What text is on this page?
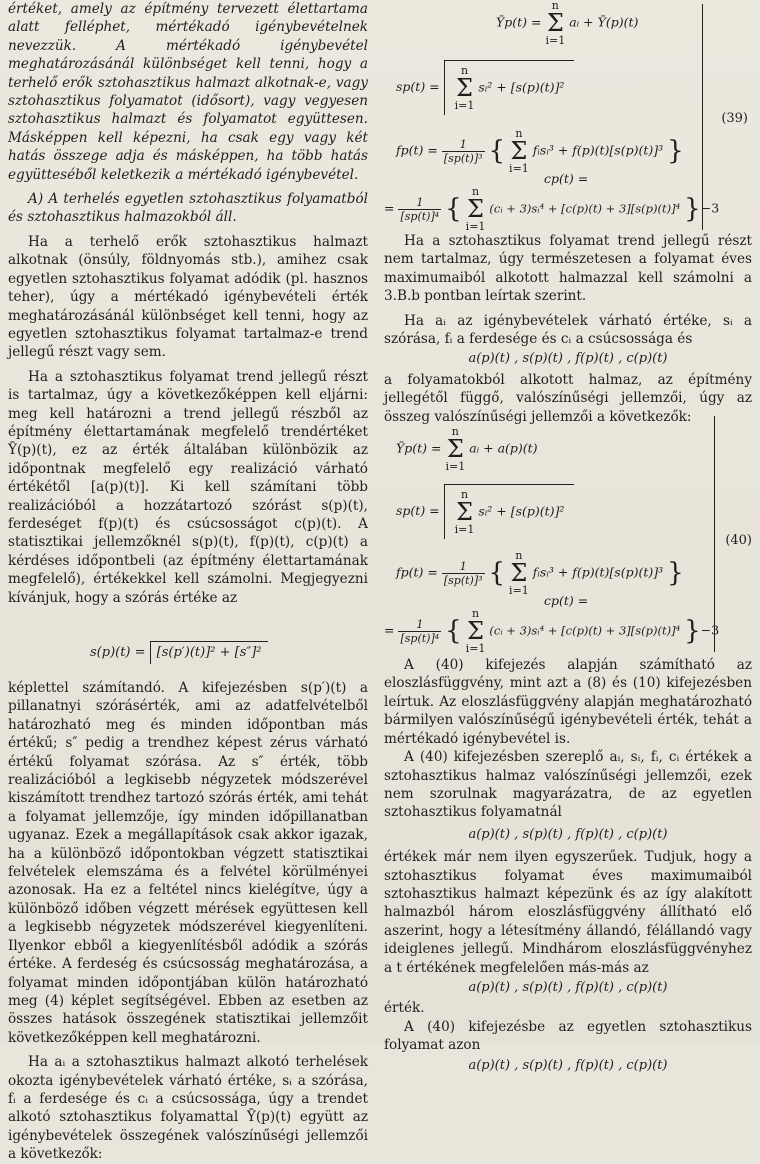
értéket, amely az építmény tervezett élettartama alatt felléphet, mértékadó igénybevételnek nevezzük. A mértékadó igénybevétel meghatározásánál különbséget kell tenni, hogy a terhelő erők sztohasztikus halmazt alkotnak-e, vagy sztohasztikus folyamatot (idősort), vagy vegyesen sztohasztikus halmazt és folyamatot együttesen. Másképpen kell képezni, ha csak egy vagy két hatás összege adja és másképpen, ha több hatás együtteséből keletkezik a mértékadó igénybevétel.

A) A terhelés egyetlen sztohasztikus folyamatból és sztohasztikus halmazokból áll.

Ha a terhelő erők sztohasztikus halmazt alkotnak (önsúly, földnyomás stb.), amihez csak egyetlen sztohasztikus folyamat adódik (pl. hasznos teher), úgy a mértékadó igénybevételi érték meghatározásánál különbséget kell tenni, hogy az egyetlen sztohasztikus folyamat tartalmaz-e trend jellegű részt vagy sem.

Ha a sztohasztikus folyamat trend jellegű részt is tartalmaz, úgy a következőképpen kell eljárni: meg kell határozni a trend jellegű részből az építmény élettartamának megfelelő trendértéket Ȳ(p)(t), ez az érték általában különbözik az időpontnak megfelelő egy realizáció várható értékétől [a(p)(t)]. Ki kell számítani több realizációból a hozzátartozó szórást s(p)(t), ferdeséget f(p)(t) és csúcsosságot c(p)(t). A statisztikai jellemzőknél s(p)(t), f(p)(t), c(p)(t) a kérdéses időpontbeli (az építmény élettartamának megfelelő), értékekkel kell számolni. Megjegyezni kívánjuk, hogy a szórás értéke az

s(p)(t) = [s(p′)(t)]² + [s″]²

képlettel számítandó. A kifejezésben s(p′)(t) a pillanatnyi szórásérték, ami az adatfelvételből határozható meg és minden időpontban más értékű; s″ pedig a trendhez képest zérus várható értékű folyamat szórása. Az s″ érték, több realizációból a legkisebb négyzetek módszerével kiszámított trendhez tartozó szórás érték, ami tehát a folyamat jellemzője, így minden időpillanatban ugyanaz. Ezek a megállapítások csak akkor igazak, ha a különböző időpontokban végzett statisztikai felvételek elemszáma és a felvétel körülményei azonosak. Ha ez a feltétel nincs kielégítve, úgy a különböző időben végzett mérések együttesen kell a legkisebb négyzetek módszerével kiegyenlíteni. Ilyenkor ebből a kiegyenlítésből adódik a szórás értéke. A ferdeség és csúcsosság meghatározása, a folyamat minden időpontjában külön határozható meg (4) képlet segítségével. Ebben az esetben az összes hatások összegének statisztikai jellemzőit következőképpen kell meghatározni.

Ha aᵢ a sztohasztikus halmazt alkotó terhelések okozta igénybevételek várható értéke, sᵢ a szórása, fᵢ a ferdesége és cᵢ a csúcsossága, úgy a trendet alkotó sztohasztikus folyamattal Ȳ(p)(t) együtt az igénybevételek összegének valószínűségi jellemzői a következők:

Ȳp(t) =
n
Σ
i=1
aᵢ + Ȳ(p)(t)
sp(t) =
n
Σ
i=1
sᵢ² + [s(p)(t)]²
$fp(t) = \frac{1}{\text{[sp(t)]³}}$ {
n
Σ
i=1
fᵢsᵢ³ + f(p)(t)[s(p)(t)]³ }
cp(t) =
= $\frac{1}{\text{[sp(t)]⁴}}$ {
n
Σ
i=1
(cᵢ + 3)sᵢ⁴ + [c(p)(t) + 3][s(p)(t)]⁴ }−3
(39)

Ha a sztohasztikus folyamat trend jellegű részt nem tartalmaz, úgy természetesen a folyamat éves maximumaiból alkotott halmazzal kell számolni a 3.B.b pontban leírtak szerint.

Ha aᵢ az igénybevételek várható értéke, sᵢ a szórása, fᵢ a ferdesége és cᵢ a csúcsossága és

a(p)(t) , s(p)(t) , f(p)(t) , c(p)(t)

a folyamatokból alkotott halmaz, az építmény jellegétől függő, valószínűségi jellemzői, úgy az összeg valószínűségi jellemzői a következők:

Ȳp(t) =
n
Σ
i=1
aᵢ + a(p)(t)
sp(t) =
n
Σ
i=1
sᵢ² + [s(p)(t)]²
$fp(t) = \frac{1}{\text{[sp(t)]³}}$ {
n
Σ
i=1
fᵢsᵢ³ + f(p)(t)[s(p)(t)]³ }
cp(t) =
= $\frac{1}{\text{[sp(t)]⁴}}$ {
n
Σ
i=1
(cᵢ + 3)sᵢ⁴ + [c(p)(t) + 3][s(p)(t)]⁴ }−3
(40)

A (40) kifejezés alapján számítható az eloszlásfüggvény, mint azt a (8) és (10) kifejezésben leírtuk. Az eloszlásfüggvény alapján meghatározható bármilyen valószínűségű igénybevételi érték, tehát a mértékadó igénybevétel is.

A (40) kifejezésben szereplő aᵢ, sᵢ, fᵢ, cᵢ értékek a sztohasztikus halmaz valószínűségi jellemzői, ezek nem szorulnak magyarázatra, de az egyetlen sztohasztikus folyamatnál

a(p)(t) , s(p)(t) , f(p)(t) , c(p)(t)

értékek már nem ilyen egyszerűek. Tudjuk, hogy a sztohasztikus folyamat éves maximumaiból sztohasztikus halmazt képezünk és az így alakított halmazból három eloszlásfüggvény állítható elő aszerint, hogy a létesítmény állandó, félállandó vagy ideiglenes jellegű. Mindhárom eloszlásfüggvényhez a t értékének megfelelően más-más az

a(p)(t) , s(p)(t) , f(p)(t) , c(p)(t)

érték.

A (40) kifejezésbe az egyetlen sztohasztikus folyamat azon

a(p)(t) , s(p)(t) , f(p)(t) , c(p)(t)
